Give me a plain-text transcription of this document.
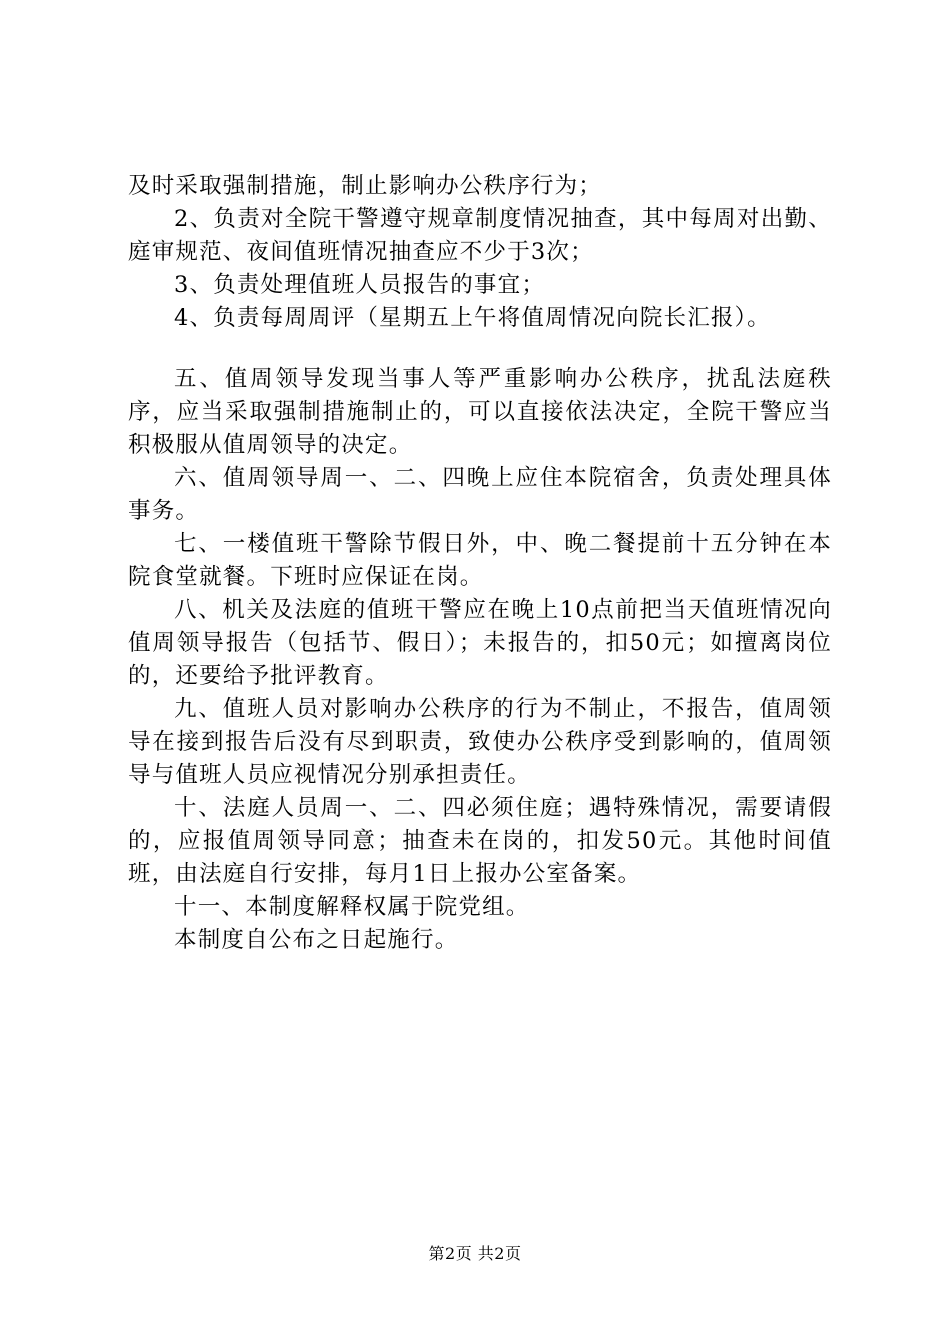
及时采取强制措施，制止影响办公秩序行为；

2、负责对全院干警遵守规章制度情况抽查，其中每周对出勤、庭审规范、夜间值班情况抽查应不少于3次；

3、负责处理值班人员报告的事宜；

4、负责每周周评（星期五上午将值周情况向院长汇报）。

五、值周领导发现当事人等严重影响办公秩序，扰乱法庭秩序，应当采取强制措施制止的，可以直接依法决定，全院干警应当积极服从值周领导的决定。

六、值周领导周一、二、四晚上应住本院宿舍，负责处理具体事务。

七、一楼值班干警除节假日外，中、晚二餐提前十五分钟在本院食堂就餐。下班时应保证在岗。

八、机关及法庭的值班干警应在晚上10点前把当天值班情况向值周领导报告（包括节、假日）；未报告的，扣50元；如擅离岗位的，还要给予批评教育。

九、值班人员对影响办公秩序的行为不制止，不报告，值周领导在接到报告后没有尽到职责，致使办公秩序受到影响的，值周领导与值班人员应视情况分别承担责任。

十、法庭人员周一、二、四必须住庭；遇特殊情况，需要请假的，应报值周领导同意；抽查未在岗的，扣发50元。其他时间值班，由法庭自行安排，每月1日上报办公室备案。

十一、本制度解释权属于院党组。

本制度自公布之日起施行。

第2页 共2页
